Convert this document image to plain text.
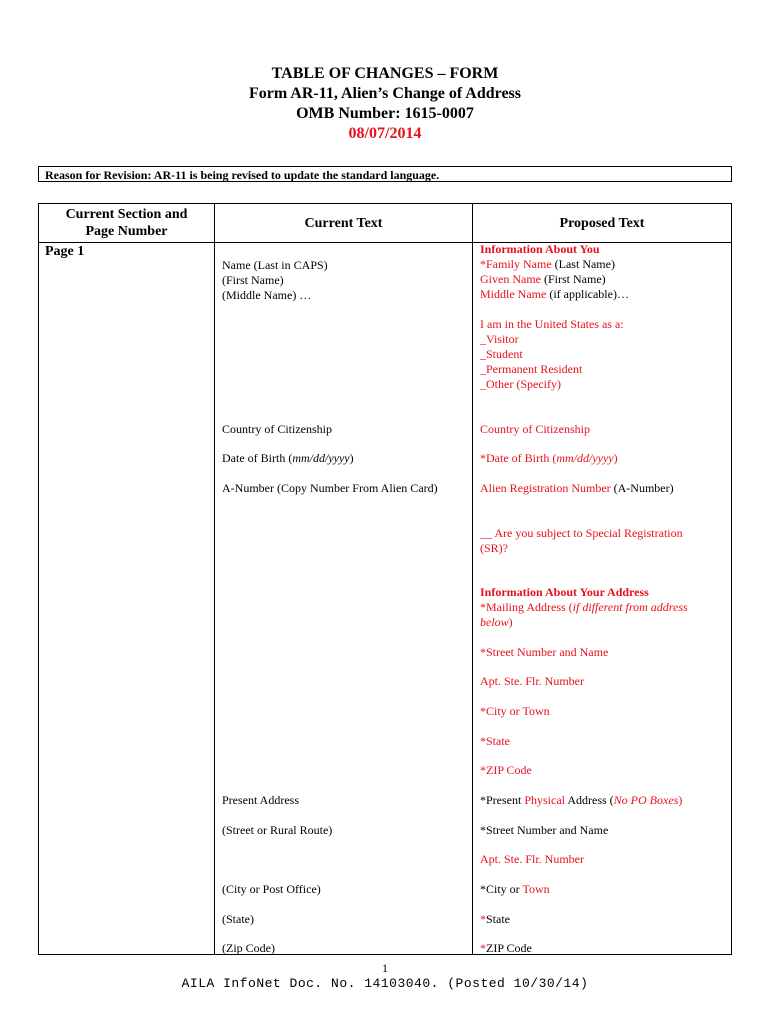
TABLE OF CHANGES – FORM
Form AR-11, Alien’s Change of Address
OMB Number: 1615-0007
08/07/2014
Reason for Revision: AR-11 is being revised to update the standard language.
Current Section and
Page Number
Current Text	Proposed Text
Page 1
Name (Last in CAPS)
(First Name)
(Middle Name) …
Country of Citizenship
Date of Birth (mm/dd/yyyy)
A-Number (Copy Number From Alien Card)
Present Address
(Street or Rural Route)
(City or Post Office)
(State)
(Zip Code)
Information About You
*Family Name (Last Name)
Given Name (First Name)
Middle Name (if applicable)…
I am in the United States as a:
_Visitor
_Student
_Permanent Resident
_Other (Specify)
Country of Citizenship
*Date of Birth (mm/dd/yyyy)
Alien Registration Number (A-Number)
__ Are you subject to Special Registration
(SR)?
Information About Your Address
*Mailing Address (if different from address
below)
*Street Number and Name
Apt. Ste. Flr. Number
*City or Town
*State
*ZIP Code
*Present Physical Address (No PO Boxes)
*Street Number and Name
Apt. Ste. Flr. Number
*City or Town
*State
*ZIP Code
1
AILA InfoNet Doc. No. 14103040. (Posted 10/30/14)
